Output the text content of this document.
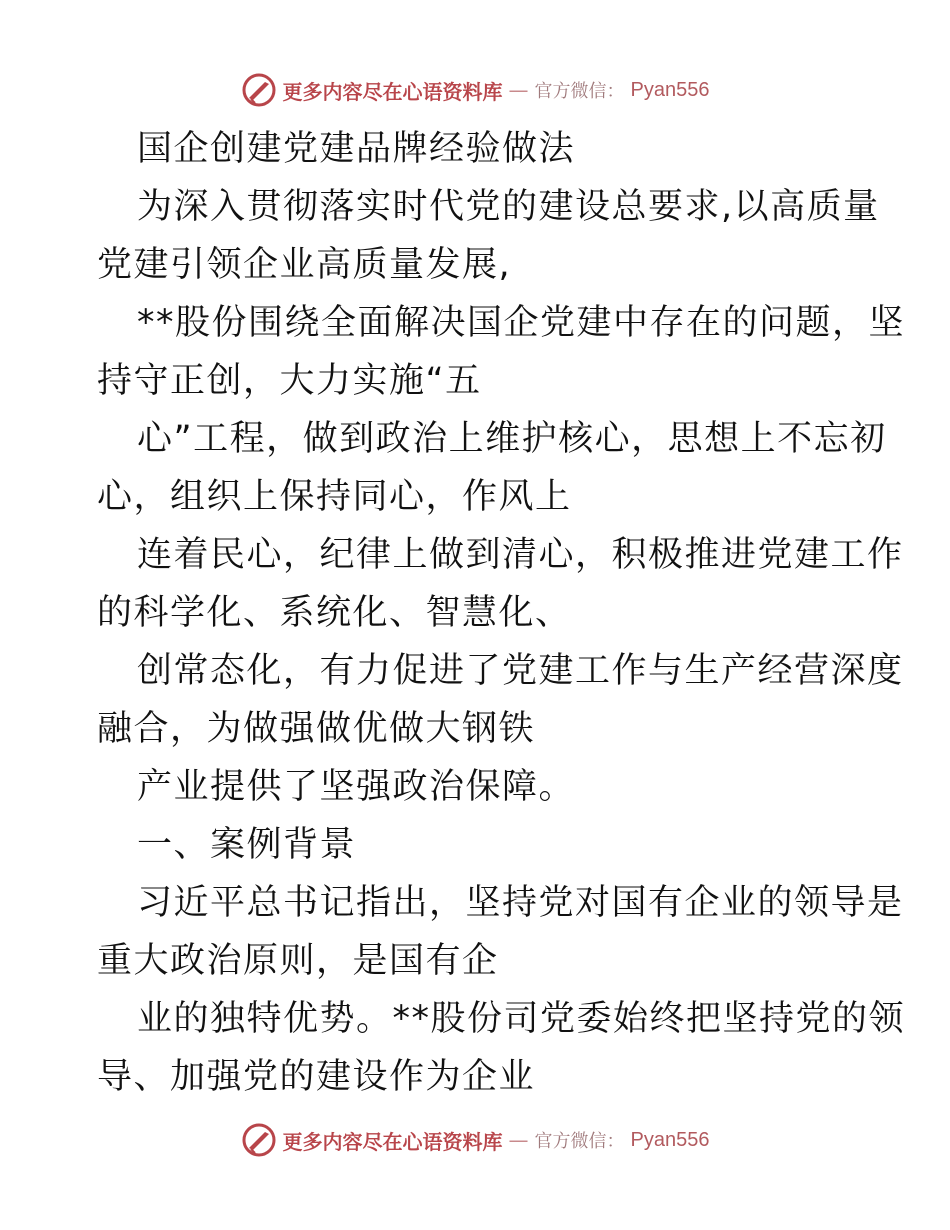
更多内容尽在心语资料库 — 官方微信： Pyan556
国企创建党建品牌经验做法
为深入贯彻落实时代党的建设总要求,以高质量
党建引领企业高质量发展,
**股份围绕全面解决国企党建中存在的问题，坚
持守正创，大力实施“五
心”工程，做到政治上维护核心，思想上不忘初
心，组织上保持同心，作风上
连着民心，纪律上做到清心，积极推进党建工作
的科学化、系统化、智慧化、
创常态化，有力促进了党建工作与生产经营深度
融合，为做强做优做大钢铁
产业提供了坚强政治保障。
一、案例背景
习近平总书记指出，坚持党对国有企业的领导是
重大政治原则，是国有企
业的独特优势。**股份司党委始终把坚持党的领
导、加强党的建设作为企业
更多内容尽在心语资料库 — 官方微信： Pyan556
